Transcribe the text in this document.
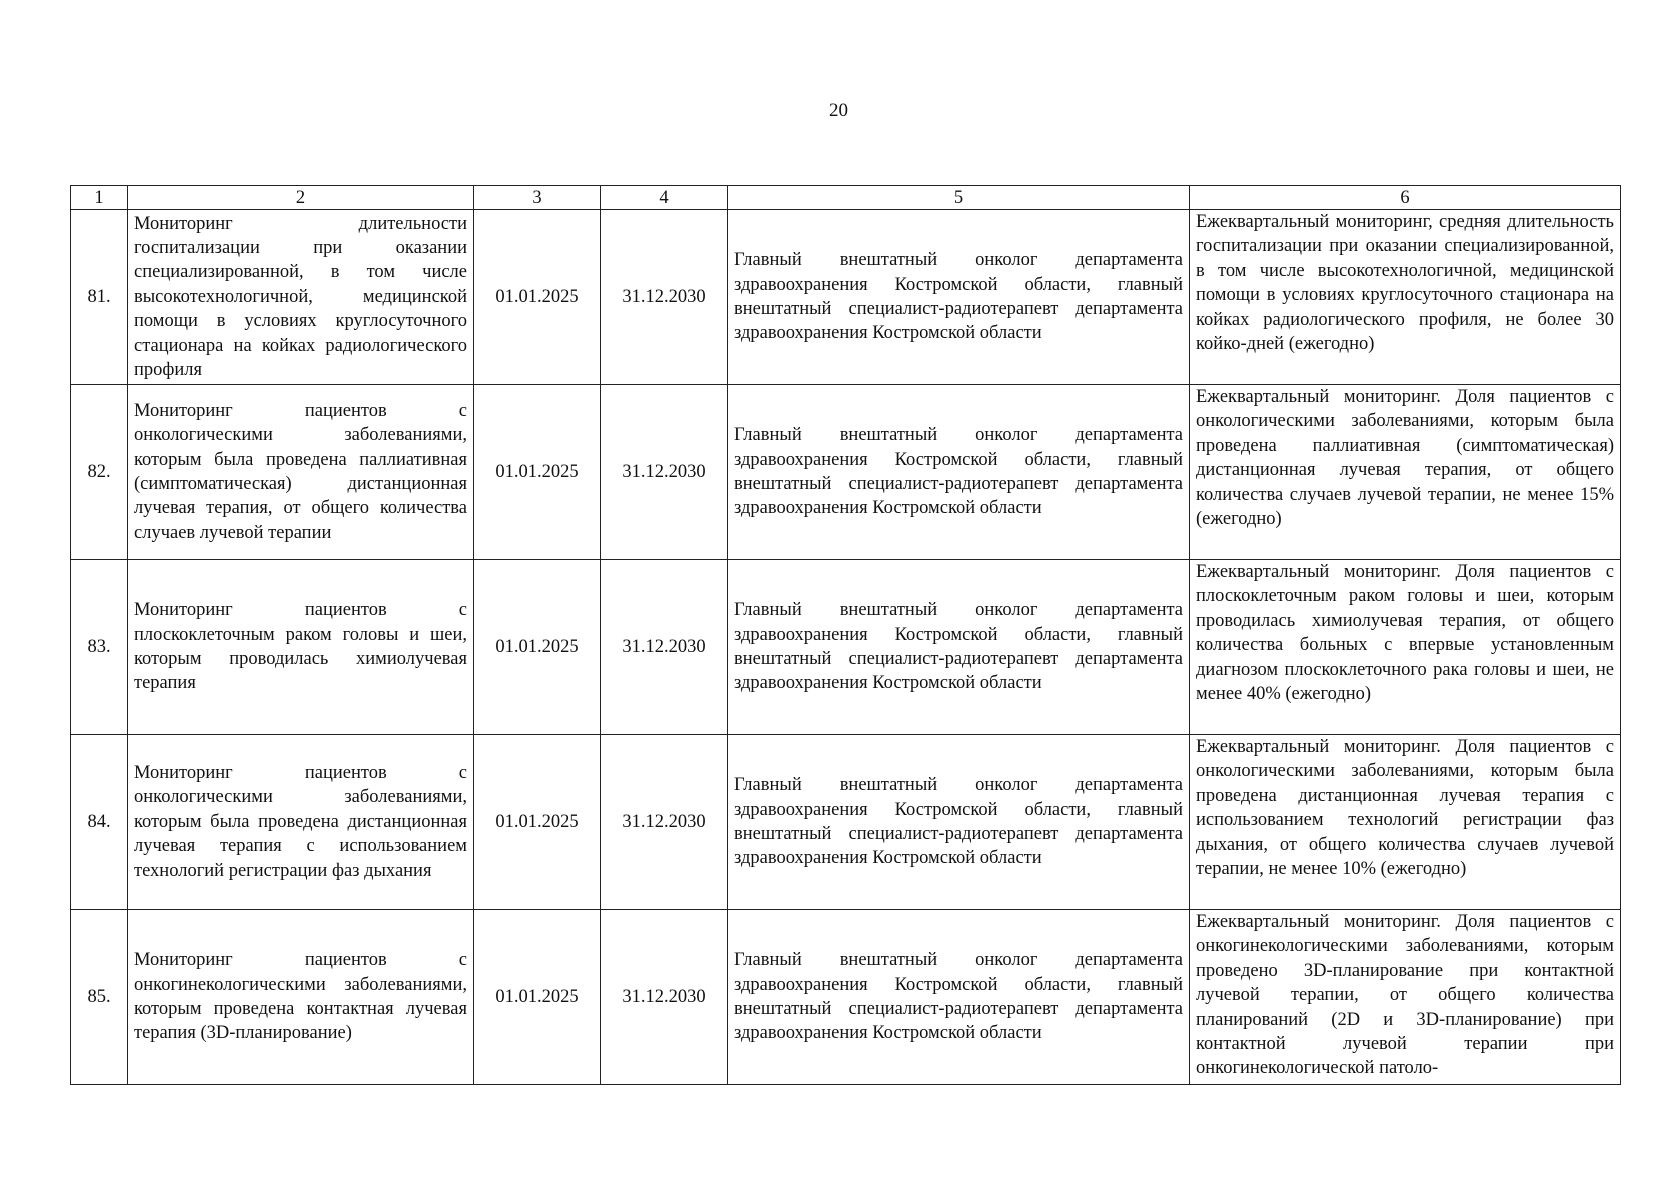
20
1	2	3	4	5	6
81.	Мониторинг длительности госпитализации при оказании специализированной, в том числе высокотехнологичной, медицинской помощи в условиях круглосуточного стационара на койках радиологического профиля	01.01.2025	31.12.2030	Главный внештатный онколог департамента здравоохранения Костромской области, главный внештатный специалист-радиотерапевт департамента здравоохранения Костромской области	Ежеквартальный мониторинг, средняя длительность госпитализации при оказании специализированной, в том числе высокотехнологичной, медицинской помощи в условиях круглосуточного стационара на койках радиологического профиля, не более 30 койко-дней (ежегодно)
82.	Мониторинг пациентов с онкологическими заболеваниями, которым была проведена паллиативная (симптоматическая) дистанционная лучевая терапия, от общего количества случаев лучевой терапии	01.01.2025	31.12.2030	Главный внештатный онколог департамента здравоохранения Костромской области, главный внештатный специалист-радиотерапевт департамента здравоохранения Костромской области	Ежеквартальный мониторинг. Доля пациентов с онкологическими заболеваниями, которым была проведена паллиативная (симптоматическая) дистанционная лучевая терапия, от общего количества случаев лучевой терапии, не менее 15% (ежегодно)
83.	Мониторинг пациентов с плоскоклеточным раком головы и шеи, которым проводилась химиолучевая терапия	01.01.2025	31.12.2030	Главный внештатный онколог департамента здравоохранения Костромской области, главный внештатный специалист-радиотерапевт департамента здравоохранения Костромской области	Ежеквартальный мониторинг. Доля пациентов с плоскоклеточным раком головы и шеи, которым проводилась химиолучевая терапия, от общего количества больных с впервые установленным диагнозом плоскоклеточного рака головы и шеи, не менее 40% (ежегодно)
84.	Мониторинг пациентов с онкологическими заболеваниями, которым была проведена дистанционная лучевая терапия с использованием технологий регистрации фаз дыхания	01.01.2025	31.12.2030	Главный внештатный онколог департамента здравоохранения Костромской области, главный внештатный специалист-радиотерапевт департамента здравоохранения Костромской области	Ежеквартальный мониторинг. Доля пациентов с онкологическими заболеваниями, которым была проведена дистанционная лучевая терапия с использованием технологий регистрации фаз дыхания, от общего количества случаев лучевой терапии, не менее 10% (ежегодно)
85.	Мониторинг пациентов с онкогинекологическими заболеваниями, которым проведена контактная лучевая терапия (3D-планирование)	01.01.2025	31.12.2030	Главный внештатный онколог департамента здравоохранения Костромской области, главный внештатный специалист-радиотерапевт департамента здравоохранения Костромской области	Ежеквартальный мониторинг. Доля пациентов с онкогинекологическими заболеваниями, которым проведено 3D-планирование при контактной лучевой терапии, от общего количества планирований (2D и 3D-планирование) при контактной лучевой терапии при онкогинекологической патоло-
